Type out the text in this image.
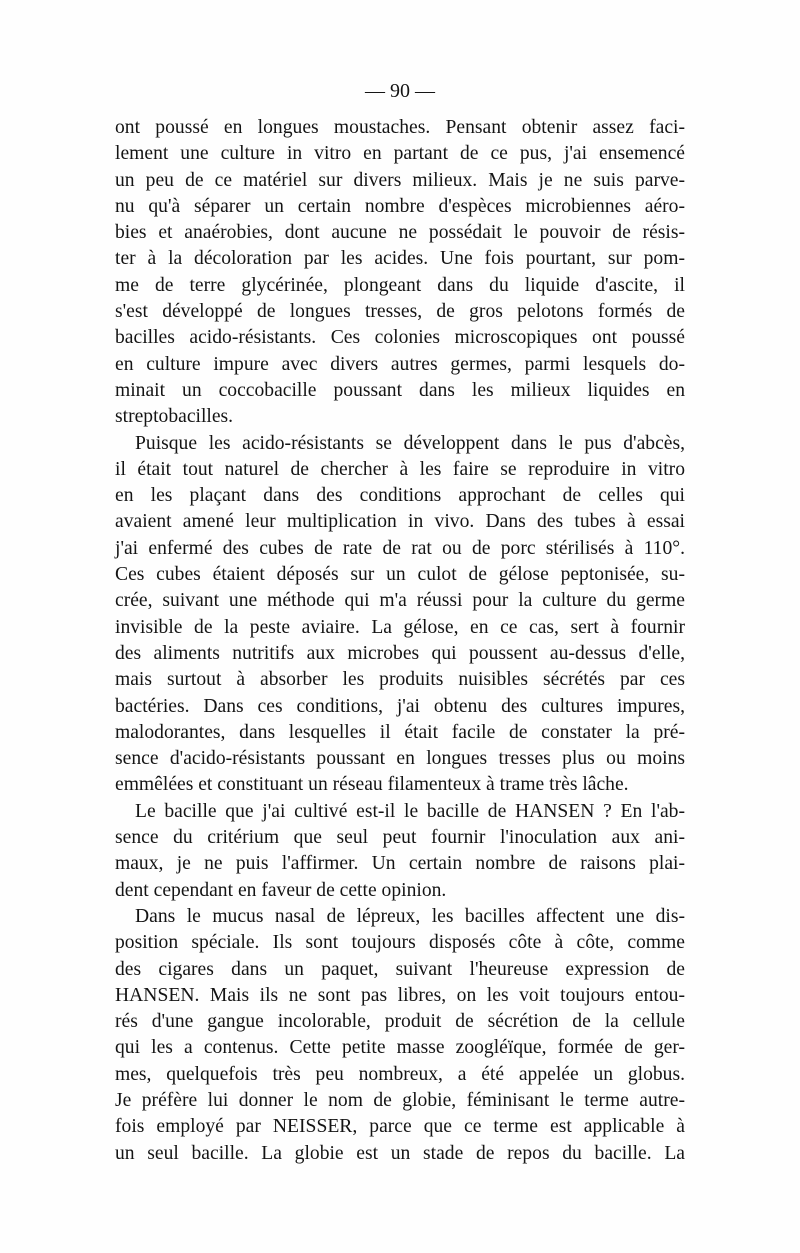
— 90 —
ont poussé en longues moustaches. Pensant obtenir assez faci-
lement une culture in vitro en partant de ce pus, j'ai ensemencé
un peu de ce matériel sur divers milieux. Mais je ne suis parve-
nu qu'à séparer un certain nombre d'espèces microbiennes aéro-
bies et anaérobies, dont aucune ne possédait le pouvoir de résis-
ter à la décoloration par les acides. Une fois pourtant, sur pom-
me de terre glycérinée, plongeant dans du liquide d'ascite, il
s'est développé de longues tresses, de gros pelotons formés de
bacilles acido-résistants. Ces colonies microscopiques ont poussé
en culture impure avec divers autres germes, parmi lesquels do-
minait un coccobacille poussant dans les milieux liquides en
streptobacilles.
Puisque les acido-résistants se développent dans le pus d'abcès,
il était tout naturel de chercher à les faire se reproduire in vitro
en les plaçant dans des conditions approchant de celles qui
avaient amené leur multiplication in vivo. Dans des tubes à essai
j'ai enfermé des cubes de rate de rat ou de porc stérilisés à 110°.
Ces cubes étaient déposés sur un culot de gélose peptonisée, su-
crée, suivant une méthode qui m'a réussi pour la culture du germe
invisible de la peste aviaire. La gélose, en ce cas, sert à fournir
des aliments nutritifs aux microbes qui poussent au-dessus d'elle,
mais surtout à absorber les produits nuisibles sécrétés par ces
bactéries. Dans ces conditions, j'ai obtenu des cultures impures,
malodorantes, dans lesquelles il était facile de constater la pré-
sence d'acido-résistants poussant en longues tresses plus ou moins
emmêlées et constituant un réseau filamenteux à trame très lâche.
Le bacille que j'ai cultivé est-il le bacille de HANSEN ? En l'ab-
sence du critérium que seul peut fournir l'inoculation aux ani-
maux, je ne puis l'affirmer. Un certain nombre de raisons plai-
dent cependant en faveur de cette opinion.
Dans le mucus nasal de lépreux, les bacilles affectent une dis-
position spéciale. Ils sont toujours disposés côte à côte, comme
des cigares dans un paquet, suivant l'heureuse expression de
HANSEN. Mais ils ne sont pas libres, on les voit toujours entou-
rés d'une gangue incolorable, produit de sécrétion de la cellule
qui les a contenus. Cette petite masse zoogléïque, formée de ger-
mes, quelquefois très peu nombreux, a été appelée un globus.
Je préfère lui donner le nom de globie, féminisant le terme autre-
fois employé par NEISSER, parce que ce terme est applicable à
un seul bacille. La globie est un stade de repos du bacille. La
